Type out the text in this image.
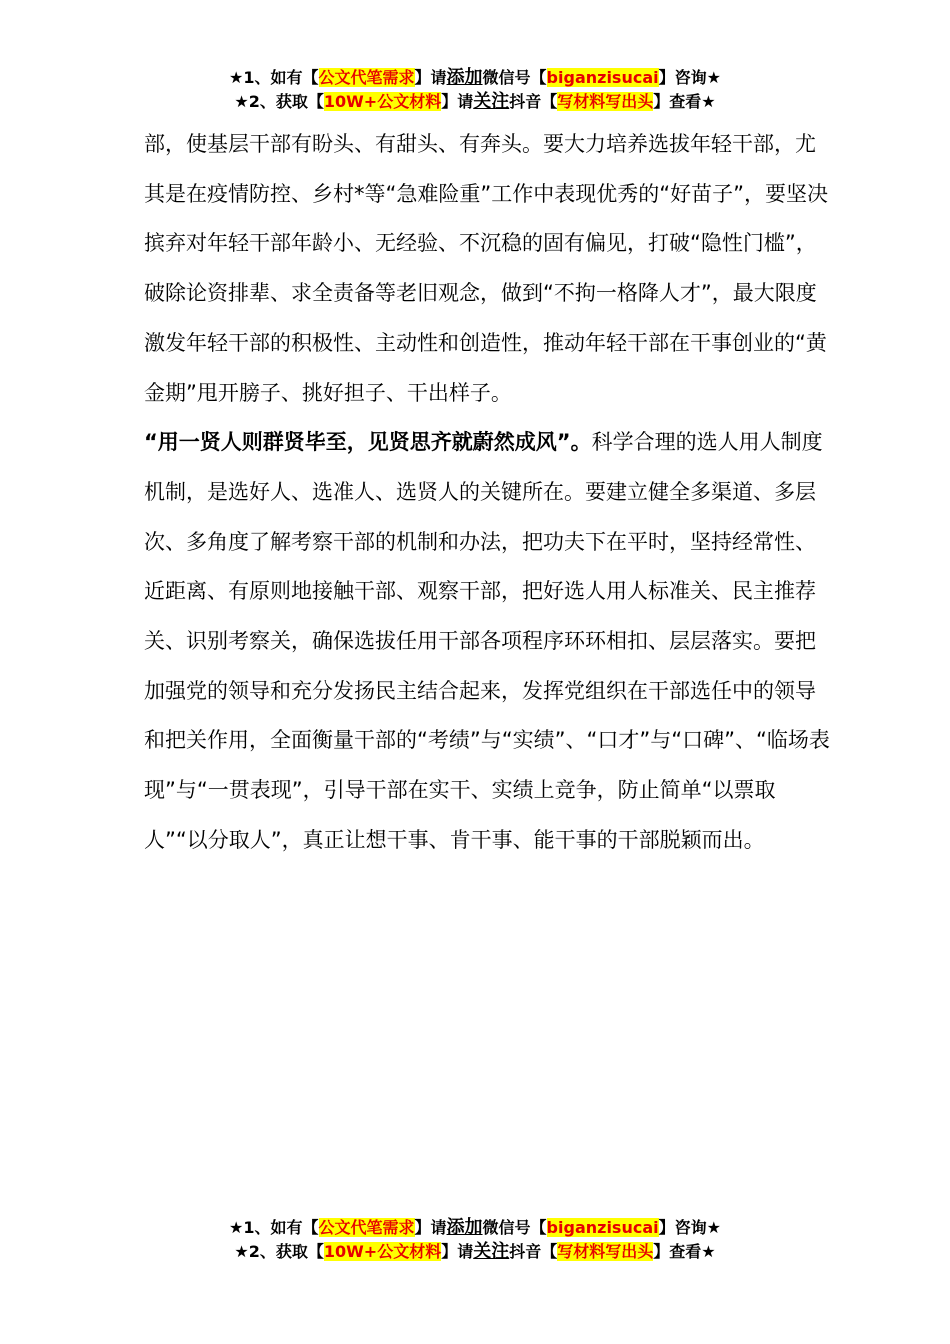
★1、如有【公文代笔需求】请添加微信号【biganzisucai】咨询★
★2、获取【10W+公文材料】请关注抖音【写材料写出头】查看★

部，使基层干部有盼头、有甜头、有奔头。要大力培养选拔年轻干部，尤其是在疫情防控、乡村*等“急难险重”工作中表现优秀的“好苗子”，要坚决摈弃对年轻干部年龄小、无经验、不沉稳的固有偏见，打破“隐性门槛”，破除论资排辈、求全责备等老旧观念，做到“不拘一格降人才”，最大限度激发年轻干部的积极性、主动性和创造性，推动年轻干部在干事创业的“黄金期”甩开膀子、挑好担子、干出样子。

“用一贤人则群贤毕至，见贤思齐就蔚然成风”。科学合理的选人用人制度机制，是选好人、选准人、选贤人的关键所在。要建立健全多渠道、多层次、多角度了解考察干部的机制和办法，把功夫下在平时，坚持经常性、近距离、有原则地接触干部、观察干部，把好选人用人标准关、民主推荐关、识别考察关，确保选拔任用干部各项程序环环相扣、层层落实。要把加强党的领导和充分发扬民主结合起来，发挥党组织在干部选任中的领导和把关作用，全面衡量干部的“考绩”与“实绩”、“口才”与“口碑”、“临场表现”与“一贯表现”，引导干部在实干、实绩上竞争，防止简单“以票取人”“以分取人”，真正让想干事、肯干事、能干事的干部脱颖而出。

★1、如有【公文代笔需求】请添加微信号【biganzisucai】咨询★
★2、获取【10W+公文材料】请关注抖音【写材料写出头】查看★
